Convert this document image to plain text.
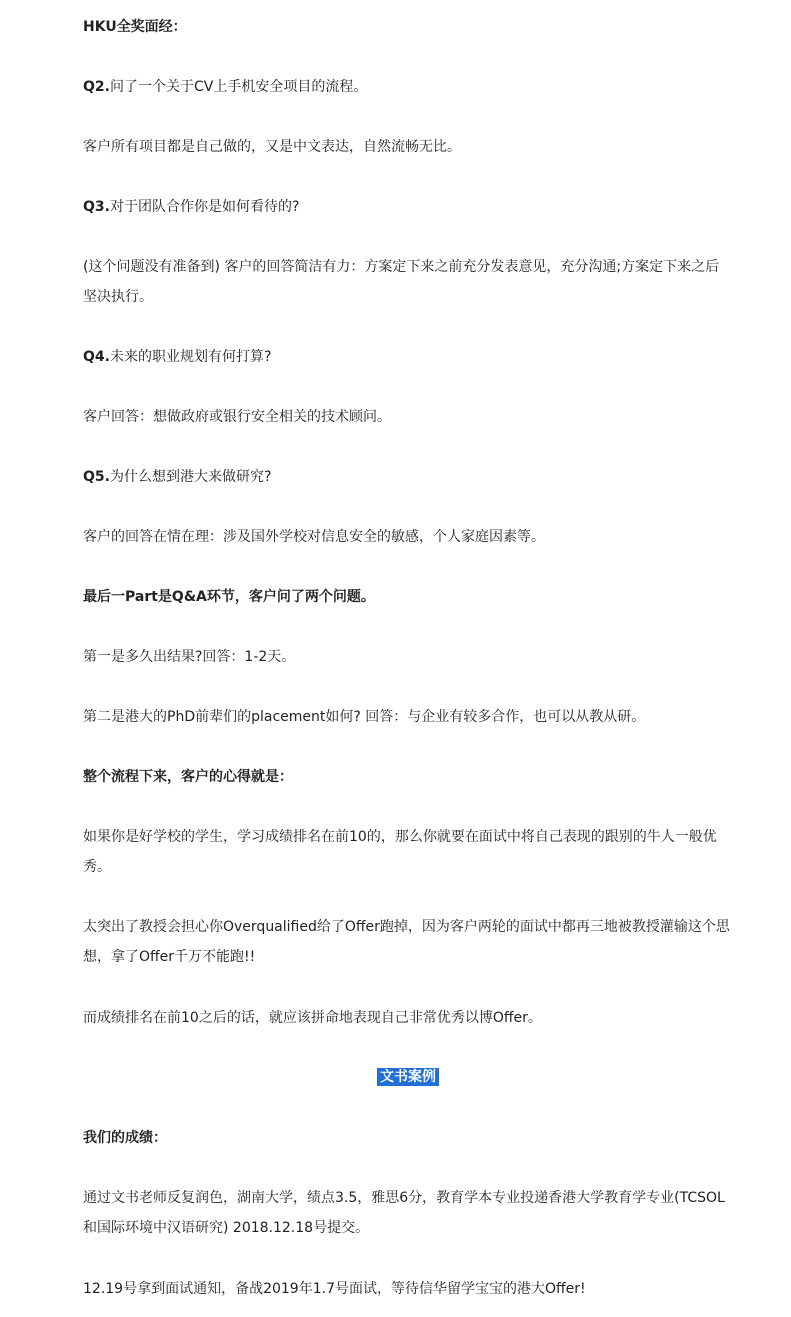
HKU全奖面经：

Q2.问了一个关于CV上手机安全项目的流程。

客户所有项目都是自己做的，又是中文表达，自然流畅无比。

Q3.对于团队合作你是如何看待的?

(这个问题没有准备到) 客户的回答简洁有力：方案定下来之前充分发表意见，充分沟通;方案定下来之后坚决执行。

Q4.未来的职业规划有何打算?

客户回答：想做政府或银行安全相关的技术顾问。

Q5.为什么想到港大来做研究?

客户的回答在情在理：涉及国外学校对信息安全的敏感，个人家庭因素等。

最后一Part是Q&A环节，客户问了两个问题。

第一是多久出结果?回答：1-2天。

第二是港大的PhD前辈们的placement如何? 回答：与企业有较多合作，也可以从教从研。

整个流程下来，客户的心得就是：

如果你是好学校的学生，学习成绩排名在前10的，那么你就要在面试中将自己表现的跟别的牛人一般优秀。

太突出了教授会担心你Overqualified给了Offer跑掉，因为客户两轮的面试中都再三地被教授灌输这个思想，拿了Offer千万不能跑!!

而成绩排名在前10之后的话，就应该拼命地表现自己非常优秀以博Offer。

文书案例

我们的成绩：

通过文书老师反复润色，湖南大学，绩点3.5，雅思6分，教育学本专业投递香港大学教育学专业(TCSOL和国际环境中汉语研究) 2018.12.18号提交。

12.19号拿到面试通知，备战2019年1.7号面试，等待信华留学宝宝的港大Offer!
